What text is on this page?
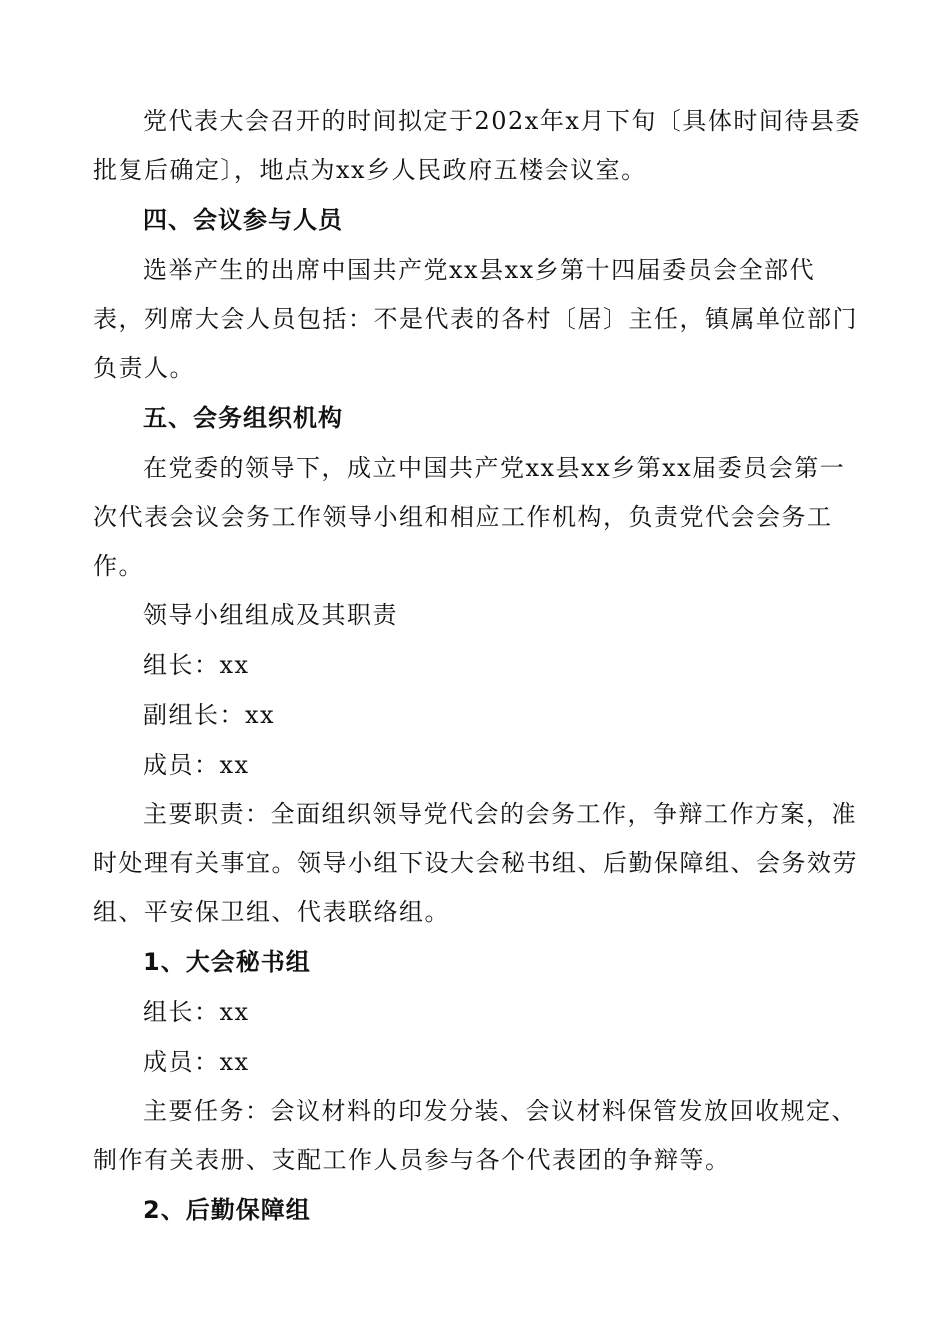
党代表大会召开的时间拟定于202x年x月下旬〔具体时间待县委批复后确定〕，地点为xx乡人民政府五楼会议室。
四、会议参与人员
选举产生的出席中国共产党xx县xx乡第十四届委员会全部代表，列席大会人员包括：不是代表的各村〔居〕主任，镇属单位部门负责人。
五、会务组织机构
在党委的领导下，成立中国共产党xx县xx乡第xx届委员会第一次代表会议会务工作领导小组和相应工作机构，负责党代会会务工作。
领导小组组成及其职责
组长：xx
副组长：xx
成员：xx
主要职责：全面组织领导党代会的会务工作，争辩工作方案，准时处理有关事宜。领导小组下设大会秘书组、后勤保障组、会务效劳组、平安保卫组、代表联络组。
1、大会秘书组
组长：xx
成员：xx
主要任务：会议材料的印发分装、会议材料保管发放回收规定、制作有关表册、支配工作人员参与各个代表团的争辩等。
2、后勤保障组
